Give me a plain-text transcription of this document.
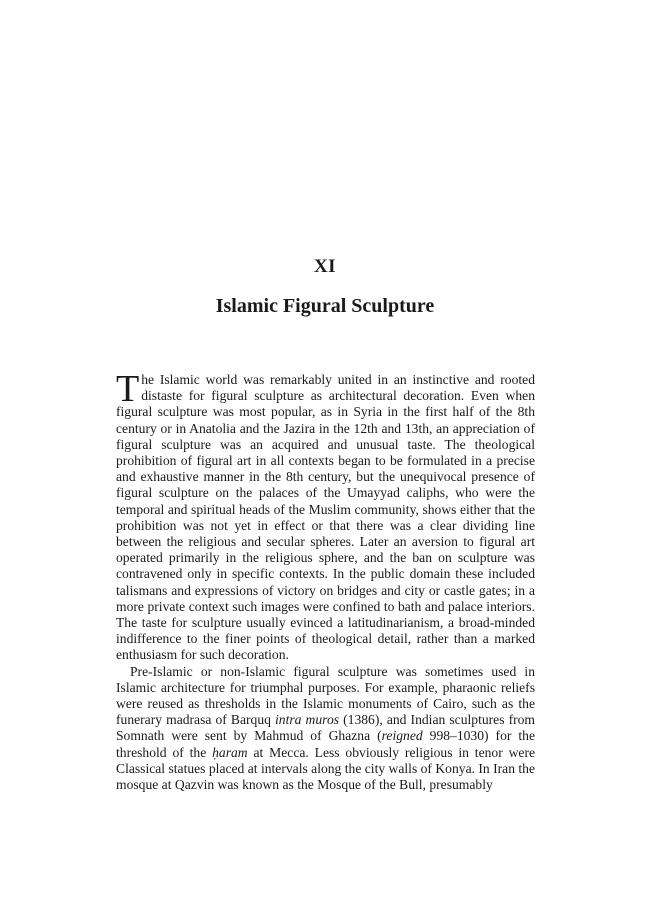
XI
Islamic Figural Sculpture

The Islamic world was remarkably united in an instinctive and rooted distaste for figural sculpture as architectural decoration. Even when figural sculpture was most popular, as in Syria in the first half of the 8th century or in Anatolia and the Jazira in the 12th and 13th, an appreciation of figural sculpture was an acquired and unusual taste. The theological prohibition of figural art in all contexts began to be formulated in a precise and exhaustive manner in the 8th century, but the unequivocal presence of figural sculpture on the palaces of the Umayyad caliphs, who were the temporal and spiritual heads of the Muslim community, shows either that the prohibition was not yet in effect or that there was a clear dividing line between the religious and secular spheres. Later an aversion to figural art operated primarily in the religious sphere, and the ban on sculpture was contravened only in specific contexts. In the public domain these included talismans and expressions of victory on bridges and city or castle gates; in a more private context such images were confined to bath and palace interiors. The taste for sculpture usually evinced a latitudinarianism, a broad-minded indifference to the finer points of theological detail, rather than a marked enthusiasm for such decoration.

Pre-Islamic or non-Islamic figural sculpture was sometimes used in Islamic architecture for triumphal purposes. For example, pharaonic reliefs were reused as thresholds in the Islamic monuments of Cairo, such as the funerary madrasa of Barquq intra muros (1386), and Indian sculptures from Somnath were sent by Mahmud of Ghazna (reigned 998–1030) for the threshold of the ḥaram at Mecca. Less obviously religious in tenor were Classical statues placed at intervals along the city walls of Konya. In Iran the mosque at Qazvin was known as the Mosque of the Bull, presumably
